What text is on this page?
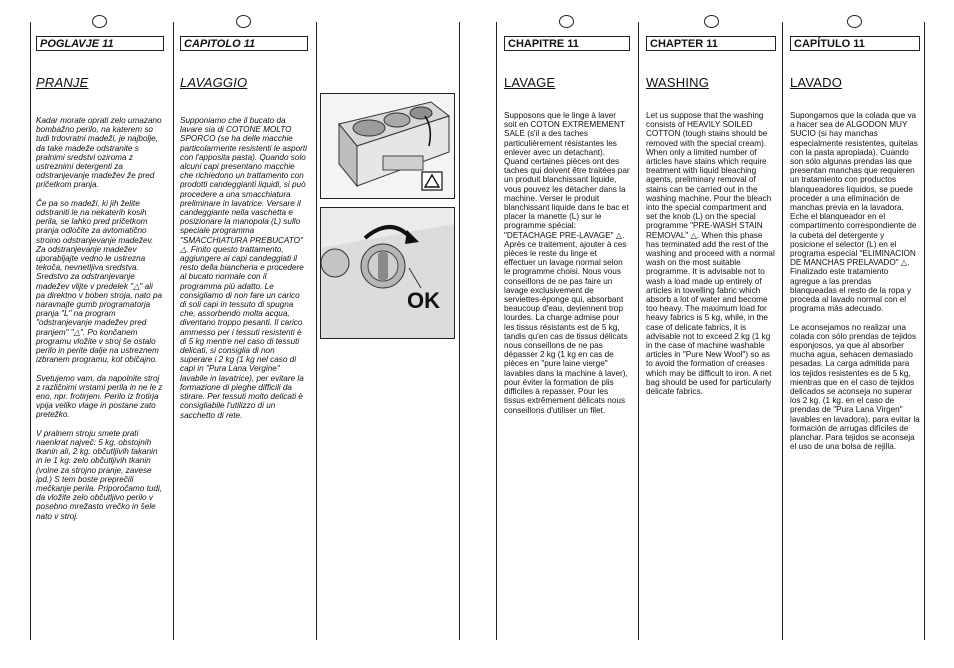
POGLAVJE 11
PRANJE

Kadar morate oprati zelo umazano bombažno perilo, na katerem so tudi trdovratni madeži, je najbolje, da take madeže odstranite s pralnimi sredstvi oziroma z ustreznimi detergenti za odstranjevanje madežev že pred pričetkom pranja.

Če pa so madeži, ki jih želite odstraniti le na nekaterih kosih perila, se lahko pred pričetkom pranja odločite za avtomatično stroino odstranjevanje madežev. Za odstranjevanje madežev uporabljajte vedno le ustrezna tekoča, nevnetljiva sredstva. Sredstvo za odstranjevanje madežev vlijte v predelek "△" ali pa direktno v boben stroja, nato pa naravnajte gumb programatorja pranja "L" na program "odstranjevanje madežev pred pranjem" "△". Po končanem programu vložite v stroj še ostalo perilo in perite dalje na ustreznem izbranem programu, kot običajno.

Svetujemo vam, da napolnite stroj z različnimi vrstami perila in ne le z eno, npr. frotirjem. Perilo iz frotirja vpija veliko vlage in postane zato pretežko.

V pralnem stroju smete prati naenkrat največ: 5 kg. obstojnih tkanin ali, 2 kg. občutljivih takanin in le 1 kg. zelo občutljivih tkanin (volne za strojno pranje, zavese ipd.) S tem boste preprečili mečkanje perila. Priporočamo tudi, da vložite zelo občutljivo perilo v posebno mrežasto vrečko in šele nato v stroj.

CAPITOLO 11
LAVAGGIO

Supponiamo che il bucato da lavare sia di COTONE MOLTO SPORCO (se ha delle macchie particolarmente resistenti le asporti con l'apposita pasta). Quando solo alcuni capi presentano macchie che richiedono un trattamento con prodotti candeggianti liquidi, si può procedere a una smacchiatura preliminare in lavatrice. Versare il candeggiante nella vaschetta e posizionare la manopola (L) sullo speciale programma "SMACCHIATURA PREBUCATO" △. Finito questo trattamento, aggiungere ai capi candeggiati il resto della biancheria e procedere al bucato normale con il programma più adatto. Le consigliamo di non fare un carico di soli capi in tessuto di spugna che, assorbendo molta acqua, diventano troppo pesanti. Il carico ammesso per i tessuti resistenti è di 5 kg mentre nel caso di tessuti delicati, si consiglia di non superare i 2 kg (1 kg nel caso di capi in "Pura Lana Vergine" lavabile in lavatrice), per evitare la formazione di pieghe difficili da stirare. Per tessuti molto delicati è consigliabile l'utilizzo di un sacchetto di rete.

OK
CHAPITRE 11
LAVAGE

Supposons que le linge à laver soit en COTON EXTREMEMENT SALE (s'il a des taches particulièrement résistantes les enlever avec un detachant). Quand certaines pièces ont des taches qui doivent être traitées par un produit blanchissant liquide, vous pouvez les détacher dans la machine. Verser le produit blanchissant liquide dans le bac et placer la manette (L) sur le programme spécial: "DETACHAGE PRE-LAVAGE" △. Après ce traitement, ajouter à ces pièces le reste du linge et effectuer un lavage normal selon le programme choisi. Nous vous conseillons de ne pas faire un lavage exclusivement de serviettes-éponge qui, absorbant beaucoup d'eau, deviennent trop lourdes. La charge admise pour les tissus résistants est de 5 kg, tandis qu'en cas de tissus délicats nous conseillons de ne pas dépasser 2 kg (1 kg en cas de pièces en "pure laine vierge" lavables dans la machine à laver), pour éviter la formation de plis difficiles à repasser. Pour les tissus extrêmement délicats nous conseillons d'utiliser un filet.

CHAPTER 11
WASHING

Let us suppose that the washing consists of HEAVILY SOILED COTTON (tough stains should be removed with the special cream). When only a limited number of articles have stains which require treatment with liquid bleaching agents, preliminary removal of stains can be carried out in the washing machine. Pour the bleach into the special compartment and set the knob (L) on the special programme "PRE-WASH STAIN REMOVAL" △. When this phase has terminated add the rest of the washing and proceed with a normal wash on the most suitable programme. It is advisable not to wash a load made up entirely of articles in towelling fabric which absorb a lot of water and become too heavy. The maximum load for heavy fabrics is 5 kg, while, in the case of delicate fabrics, it is advisable not to exceed 2 kg (1 kg in the case of machine washable articles in "Pure New Wool") so as to avoid the formation of creases which may be difficult to iron. A net bag should be used for particularly delicate fabrics.

CAPÍTULO 11
LAVADO

Supongamos que la colada que va a hacer sea de ALGODON MUY SUCIO (si hay manchas especialmente resistentes, quítelas con la pasta apropiada). Cuando son sólo algunas prendas las que presentan manchas que requieren un tratamiento con productos blanqueadores líquidos, se puede proceder a una eliminación de manchas previa en la lavadora. Eche el blanqueador en el compartimento correspondiente de la cubeta del detergente y posicione el selector (L) en el programa especial "ELIMINACION DE MANCHAS PRELAVADO" △. Finalizado este tratamiento agregue a las prendas blanqueadas el resto de la ropa y proceda al lavado normal con el programa más adecuado.

Le aconsejamos no realizar una colada con sólo prendas de tejidos esponjosos, ya que al absorber mucha agua, sehacen demasiado pesadas. La carga admitida para los tejidos resistentes es de 5 kg, mientras que en el caso de tejidos delicados se aconseja no superar los 2 kg. (1 kg. en el caso de prendas de "Pura Lana Virgen" lavables en lavadora), para evitar la formación de arrugas difíciles de planchar. Para tejidos se aconseja el uso de una bolsa de rejilla.
